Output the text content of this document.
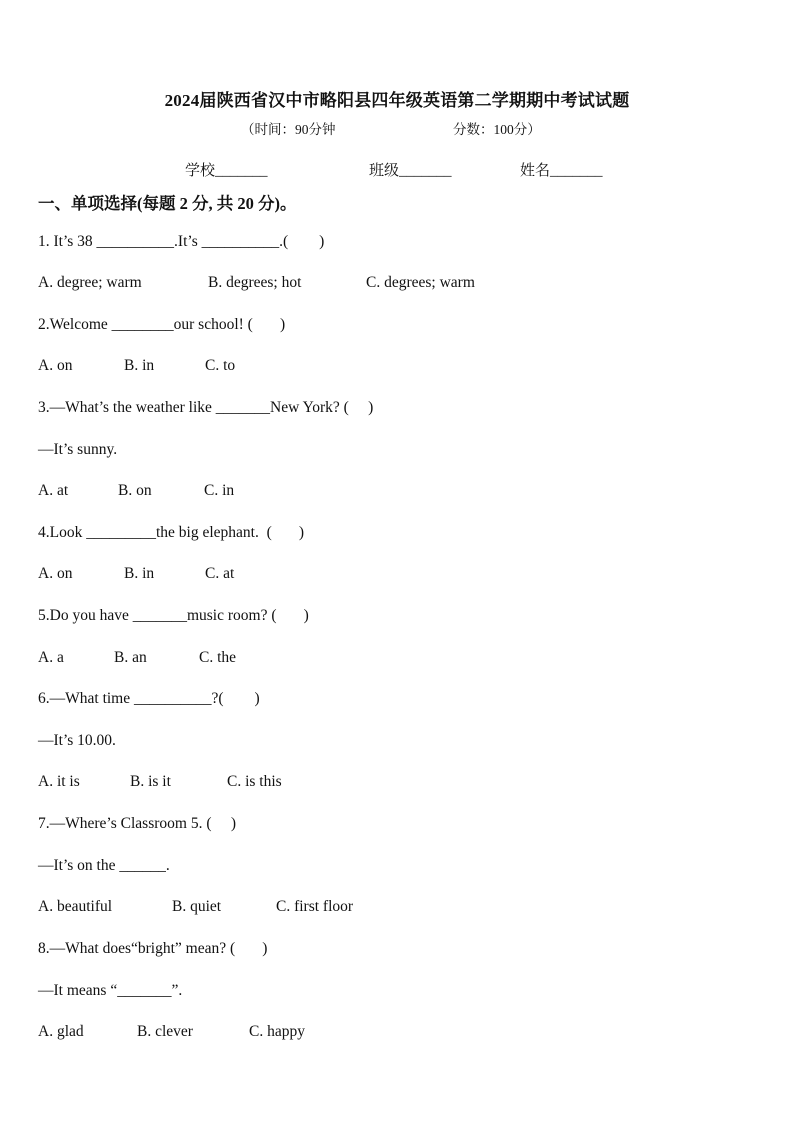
2024届陕西省汉中市略阳县四年级英语第二学期期中考试试题
（时间：90分钟	分数：100分）
学校_______	班级_______	姓名_______
一、单项选择(每题 2 分, 共 20 分)。
1. It’s 38 __________.It’s __________.(        )
A. degree; warm	B. degrees; hot	C. degrees; warm
2.Welcome ________our school! (       )
A. on	B. in	C. to
3.—What’s the weather like _______New York? (     )
—It’s sunny.
A. at	B. on	C. in
4.Look _________the big elephant.  (       )
A. on	B. in	C. at
5.Do you have _______music room? (       )
A. a	B. an	C. the
6.—What time __________?(        )
—It’s 10.00.
A. it is	B. is it	C. is this
7.—Where’s Classroom 5. (     )
—It’s on the ______.
A. beautiful	B. quiet	C. first floor
8.—What does“bright” mean? (       )
—It means “_______”.
A. glad	B. clever	C. happy
